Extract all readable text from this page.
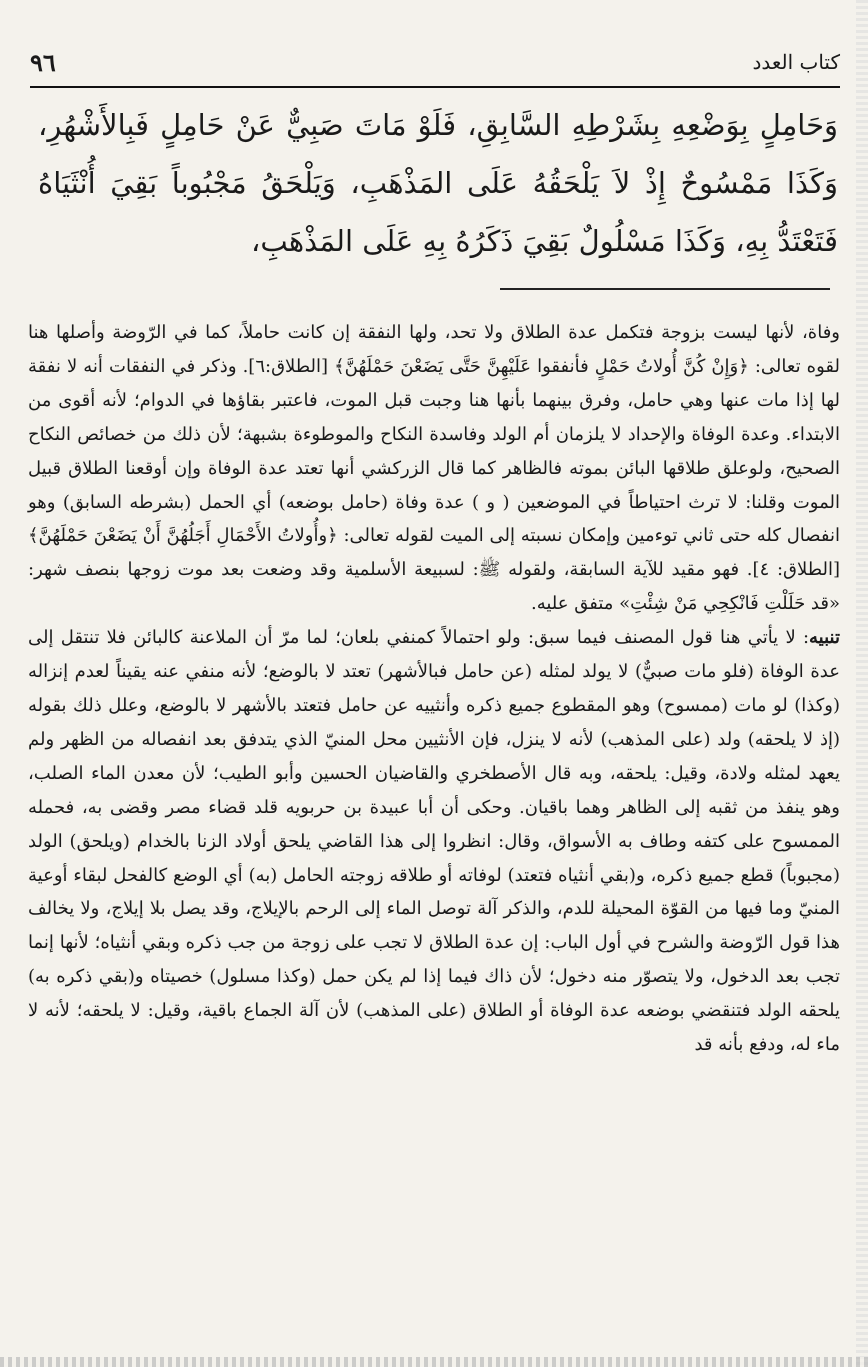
كتاب العدد
٩٦
وَحَامِلٍ بِوَضْعِهِ بِشَرْطِهِ السَّابِقِ، فَلَوْ مَاتَ صَبِيٌّ عَنْ حَامِلٍ فَبِالأَشْهُرِ، وَكَذَا مَمْسُوحٌ إِذْ لاَ يَلْحَقُهُ عَلَى المَذْهَبِ، وَيَلْحَقُ مَجْبُوباً بَقِيَ أُنْثَيَاهُ فَتَعْتَدُّ بِهِ، وَكَذَا مَسْلُولٌ بَقِيَ ذَكَرُهُ بِهِ عَلَى المَذْهَبِ،

وفاة، لأنها ليست بزوجة فتكمل عدة الطلاق ولا تحد، ولها النفقة إن كانت حاملاً، كما في الرّوضة وأصلها هنا لقوه تعالى: ﴿وَإِنْ كُنَّ أُولاتُ حَمْلٍ فأنفقوا عَلَيْهِنَّ حَتَّى يَضَعْنَ حَمْلَهُنَّ﴾ [الطلاق:٦]. وذكر في النفقات أنه لا نفقة لها إذا مات عنها وهي حامل، وفرق بينهما بأنها هنا وجبت قبل الموت، فاعتبر بقاؤها في الدوام؛ لأنه أقوى من الابتداء. وعدة الوفاة والإحداد لا يلزمان أم الولد وفاسدة النكاح والموطوءة بشبهة؛ لأن ذلك من خصائص النكاح الصحيح، ولوعلق طلاقها البائن بموته فالظاهر كما قال الزركشي أنها تعتد عدة الوفاة وإن أوقعنا الطلاق قبيل الموت وقلنا: لا ترث احتياطاً في الموضعين ( و ) عدة وفاة (حامل بوضعه) أي الحمل (بشرطه السابق) وهو انفصال كله حتى ثاني توءمين وإمكان نسبته إلى الميت لقوله تعالى: ﴿وأُولاتُ الأَحْمَالِ أَجَلُهُنَّ أَنْ يَضَعْنَ حَمْلَهُنَّ﴾ [الطلاق: ٤]. فهو مقيد للآية السابقة، ولقوله ﷺ: لسبيعة الأسلمية وقد وضعت بعد موت زوجها بنصف شهر: «قد حَلَلْتِ فَانْكِحِي مَنْ شِئْتِ» متفق عليه.

تنبيه: لا يأتي هنا قول المصنف فيما سبق: ولو احتمالاً كمنفي بلعان؛ لما مرّ أن الملاعنة كالبائن فلا تنتقل إلى عدة الوفاة (فلو مات صبيٌّ) لا يولد لمثله (عن حامل فبالأشهر) تعتد لا بالوضع؛ لأنه منفي عنه يقيناً لعدم إنزاله (وكذا) لو مات (ممسوح) وهو المقطوع جميع ذكره وأنثييه عن حامل فتعتد بالأشهر لا بالوضع، وعلل ذلك بقوله (إذ لا يلحقه) ولد (على المذهب) لأنه لا ينزل، فإن الأنثيين محل المنيّ الذي يتدفق بعد انفصاله من الظهر ولم يعهد لمثله ولادة، وقيل: يلحقه، وبه قال الأصطخري والقاضيان الحسين وأبو الطيب؛ لأن معدن الماء الصلب، وهو ينفذ من ثقبه إلى الظاهر وهما باقيان. وحكى أن أبا عبيدة بن حربويه قلد قضاء مصر وقضى به، فحمله الممسوح على كتفه وطاف به الأسواق، وقال: انظروا إلى هذا القاضي يلحق أولاد الزنا بالخدام (ويلحق) الولد (مجبوباً) قطع جميع ذكره، و(بقي أنثياه فتعتد) لوفاته أو طلاقه زوجته الحامل (به) أي الوضع كالفحل لبقاء أوعية المنيّ وما فيها من القوّة المحيلة للدم، والذكر آلة توصل الماء إلى الرحم بالإيلاج، وقد يصل بلا إيلاج، ولا يخالف هذا قول الرّوضة والشرح في أول الباب: إن عدة الطلاق لا تجب على زوجة من جب ذكره وبقي أنثياه؛ لأنها إنما تجب بعد الدخول، ولا يتصوّر منه دخول؛ لأن ذاك فيما إذا لم يكن حمل (وكذا مسلول) خصيتاه و(بقي ذكره به) يلحقه الولد فتنقضي بوضعه عدة الوفاة أو الطلاق (على المذهب) لأن آلة الجماع باقية، وقيل: لا يلحقه؛ لأنه لا ماء له، ودفع بأنه قد
